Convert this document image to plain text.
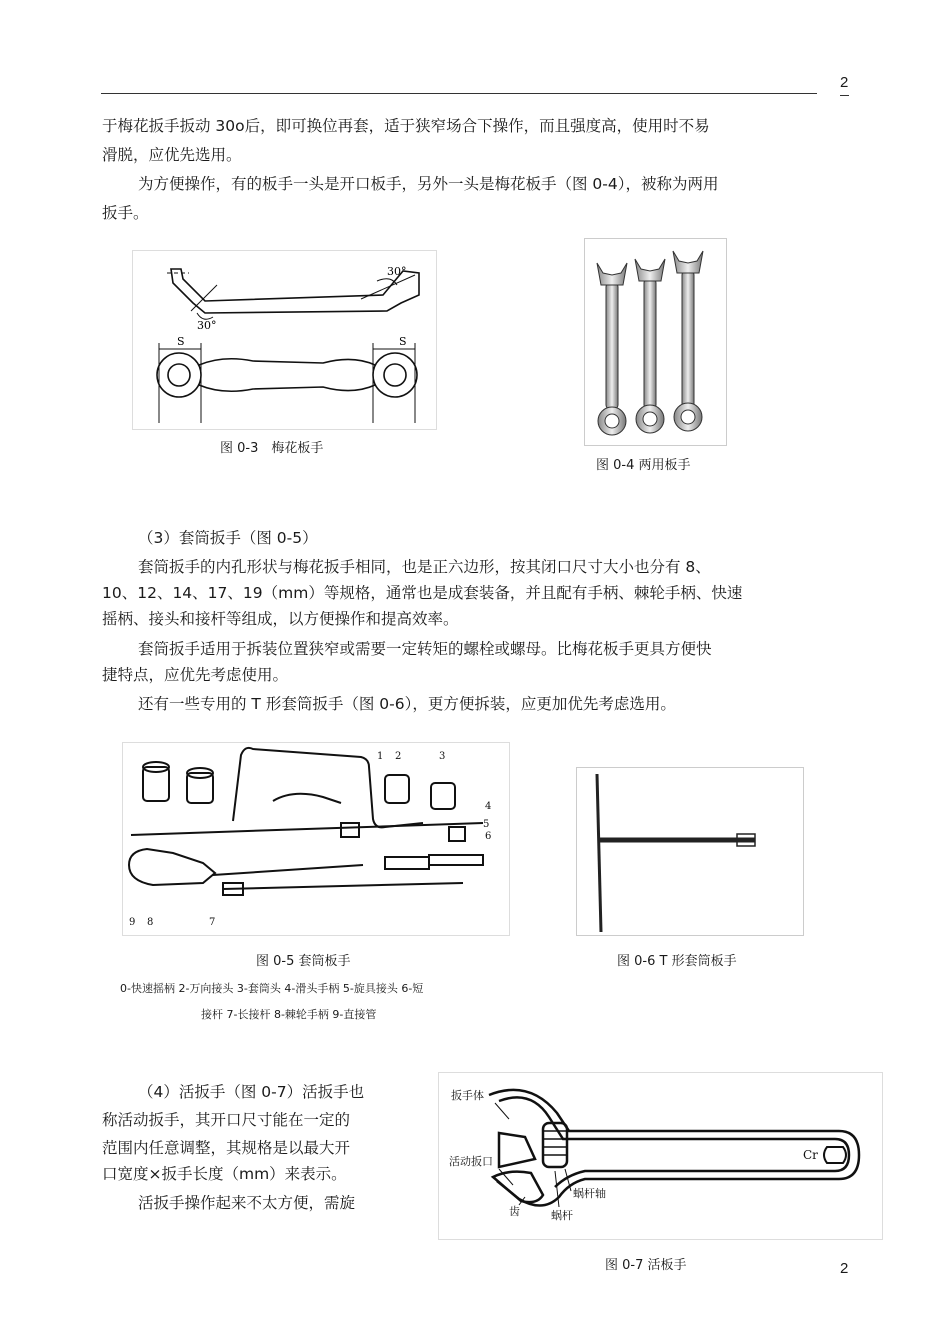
2
于梅花扳手扳动 30o后，即可换位再套，适于狭窄场合下操作，而且强度高，使用时不易
滑脱，应优先选用。
为方便操作，有的板手一头是开口板手，另外一头是梅花板手（图 0-4），被称为两用
扳手。
30°
30°
S	S
图 0-3　梅花板手
图 0-4 两用板手
（3）套筒扳手（图 0-5）
套筒扳手的内孔形状与梅花扳手相同，也是正六边形，按其闭口尺寸大小也分有 8、
10、12、14、17、19（mm）等规格，通常也是成套装备，并且配有手柄、棘轮手柄、快速
摇柄、接头和接杆等组成，以方便操作和提高效率。
套筒扳手适用于拆装位置狭窄或需要一定转矩的螺栓或螺母。比梅花板手更具方便快
捷特点，应优先考虑使用。
还有一些专用的 T 形套筒扳手（图 0-6），更方便拆装，应更加优先考虑选用。
1 2	3
4
5
6
7
8
9
图 0-5 套筒板手
0-快速摇柄 2-万向接头 3-套筒头 4-滑头手柄 5-旋具接头 6-短
接杆 7-长接杆 8-棘轮手柄 9-直接管
图 0-6 T 形套筒板手
（4）活扳手（图 0-7）活扳手也
称活动扳手，其开口尺寸能在一定的
范围内任意调整，其规格是以最大开
口宽度×扳手长度（mm）来表示。
活扳手操作起来不太方便，需旋
扳手体
活动扳口
齿	蜗杆
蜗杆轴
Cr
图 0-7 活板手	2
